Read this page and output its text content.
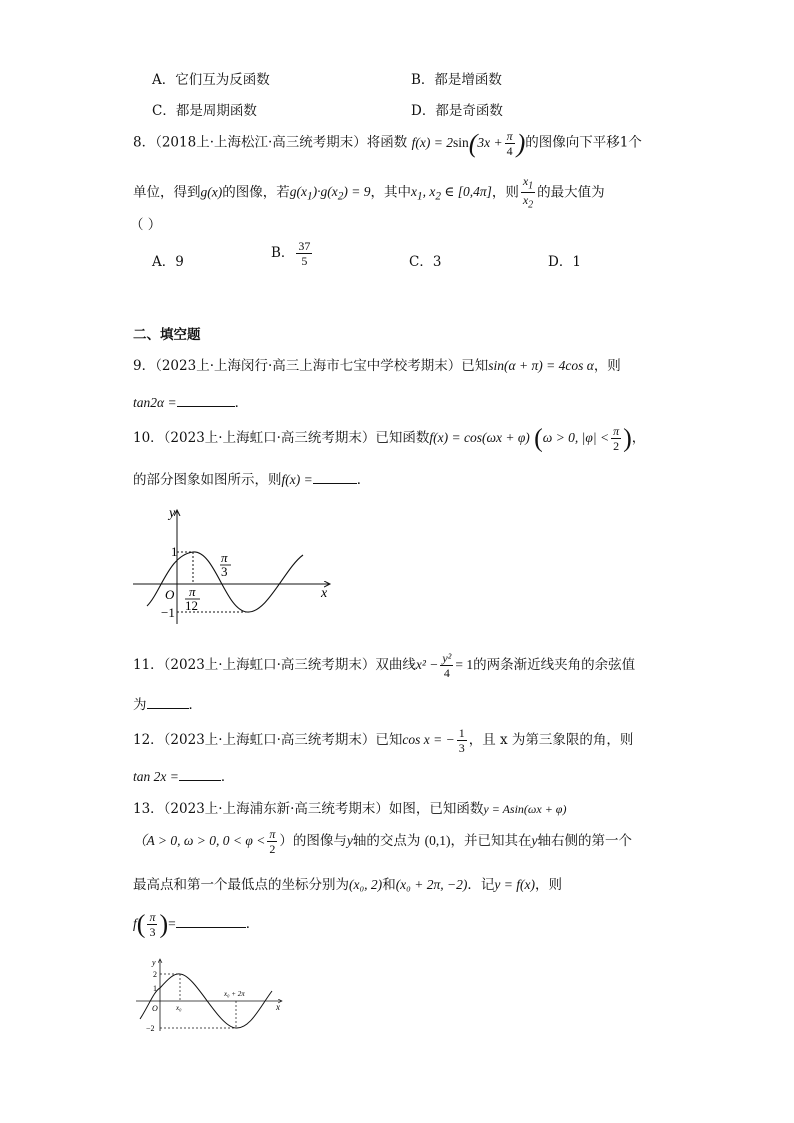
A．它们互为反函数	B．都是增函数
C．都是周期函数	D．都是奇函数
8．（2018上·上海松江·高三统考期末）将函数 $f(x) = 2\sin(3x + \frac{\pi}{4}$ )的图像向下平移1个
单位，得到g(x)的图像，若$g(x_1)\cdot g(x_2) = 9$，其中$x_1$, $x_2$ ∈ [0,4π]，则 $\frac{x_1}{x_2}$ 的最大值为
（ ）
A．9
B． $\frac{37}{5}$	C．3	D．1
二、填空题
9．（2023上·上海闵行·高三上海市七宝中学校考期末）已知sin(α + π) = 4cos α，则
tan2α =	．
10．（2023上·上海虹口·高三统考期末）已知函数f(x) = cos(ωx + φ) (ω > 0, $|\varphi| < \frac{\pi}{2}$ )，
的部分图象如图所示，则f(x) =	．
y
x
1
O
−1
π
3
π
12
11．（2023上·上海虹口·高三统考期末）双曲线$x^2 - \frac{\text{y²}}{4} = 1$的两条渐近线夹角的余弦值
为	．
12．（2023上·上海虹口·高三统考期末）已知cos x = − $\frac{1}{3}$ ，且 x 为第三象限的角，则
tan 2x =	．
13．（2023上·上海浦东新·高三统考期末）如图，已知函数y = Asin(ωx + φ)
（A > 0, ω > 0, $0 < \varphi < \frac{\pi}{2}$ ）的图像与y轴的交点为 (0,1)，并已知其在y轴右侧的第一个
最高点和第一个最低点的坐标分别为(x₀, 2)和(x₀ + 2π, −2)．记y = f(x)，则
$f( \frac{\pi}{3}$ )=	．
y
x
2
1
O
−2
x₀
x₀ + 2π
